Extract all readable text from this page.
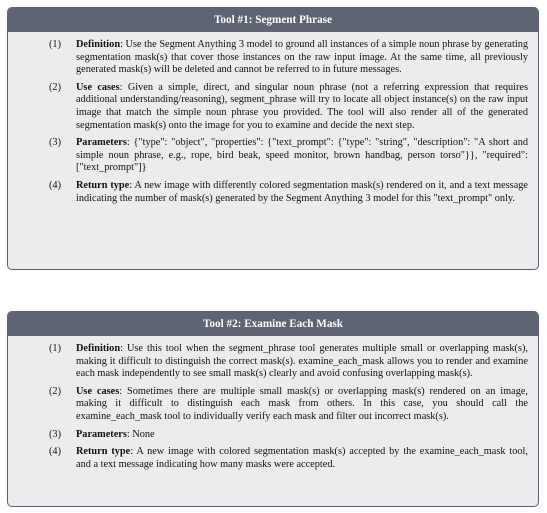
Tool #1: Segment Phrase
(1) Definition: Use the Segment Anything 3 model to ground all instances of a simple noun phrase by generating segmentation mask(s) that cover those instances on the raw input image. At the same time, all previously generated mask(s) will be deleted and cannot be referred to in future messages.
(2) Use cases: Given a simple, direct, and singular noun phrase (not a referring expression that requires additional understanding/reasoning), segment_phrase will try to locate all object instance(s) on the raw input image that match the simple noun phrase you provided. The tool will also render all of the generated segmentation mask(s) onto the image for you to examine and decide the next step.
(3) Parameters: {"type": "object", "properties": {"text_prompt": {"type": "string", "description": "A short and simple noun phrase, e.g., rope, bird beak, speed monitor, brown handbag, person torso"}}, "required": ["text_prompt"]}
(4) Return type: A new image with differently colored segmentation mask(s) rendered on it, and a text message indicating the number of mask(s) generated by the Segment Anything 3 model for this "text_prompt" only.
Tool #2: Examine Each Mask
(1) Definition: Use this tool when the segment_phrase tool generates multiple small or overlapping mask(s), making it difficult to distinguish the correct mask(s). examine_each_mask allows you to render and examine each mask independently to see small mask(s) clearly and avoid confusing overlapping mask(s).
(2) Use cases: Sometimes there are multiple small mask(s) or overlapping mask(s) rendered on an image, making it difficult to distinguish each mask from others. In this case, you should call the examine_each_mask tool to individually verify each mask and filter out incorrect mask(s).
(3) Parameters: None
(4) Return type: A new image with colored segmentation mask(s) accepted by the examine_each_mask tool, and a text message indicating how many masks were accepted.
